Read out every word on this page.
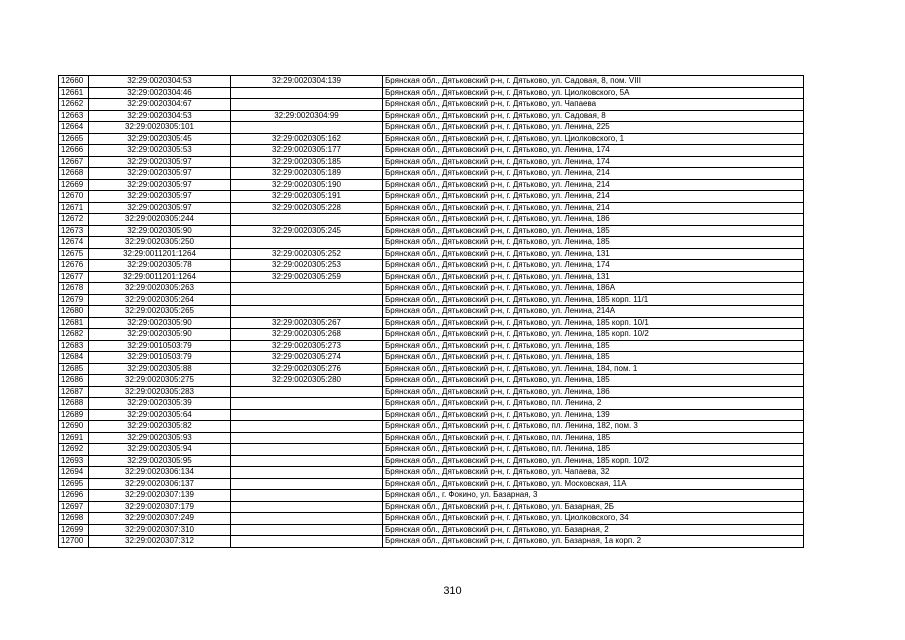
12660	32:29:0020304:53	32:29:0020304:139	Брянская обл., Дятьковский р-н, г. Дятьково, ул. Садовая, 8, пом. VIII
12661	32:29:0020304:46		Брянская обл., Дятьковский р-н, г. Дятьково, ул. Циолковского, 5А
12662	32:29:0020304:67		Брянская обл., Дятьковский р-н, г. Дятьково, ул. Чапаева
12663	32:29:0020304:53	32:29:0020304:99	Брянская обл., Дятьковский р-н, г. Дятьково, ул. Садовая, 8
12664	32:29:0020305:101		Брянская обл., Дятьковский р-н, г. Дятьково, ул. Ленина, 225
12665	32:29:0020305:45	32:29:0020305:162	Брянская обл., Дятьковский р-н, г. Дятьково, ул. Циолковского, 1
12666	32:29:0020305:53	32:29:0020305:177	Брянская обл., Дятьковский р-н, г. Дятьково, ул. Ленина, 174
12667	32:29:0020305:97	32:29:0020305:185	Брянская обл., Дятьковский р-н, г. Дятьково, ул. Ленина, 174
12668	32:29:0020305:97	32:29:0020305:189	Брянская обл., Дятьковский р-н, г. Дятьково, ул. Ленина, 214
12669	32:29:0020305:97	32:29:0020305:190	Брянская обл., Дятьковский р-н, г. Дятьково, ул. Ленина, 214
12670	32:29:0020305:97	32:29:0020305:191	Брянская обл., Дятьковский р-н, г. Дятьково, ул. Ленина, 214
12671	32:29:0020305:97	32:29:0020305:228	Брянская обл., Дятьковский р-н, г. Дятьково, ул. Ленина, 214
12672	32:29:0020305:244		Брянская обл., Дятьковский р-н, г. Дятьково, ул. Ленина, 186
12673	32:29:0020305:90	32:29:0020305:245	Брянская обл., Дятьковский р-н, г. Дятьково, ул. Ленина, 185
12674	32:29:0020305:250		Брянская обл., Дятьковский р-н, г. Дятьково, ул. Ленина, 185
12675	32:29:0011201:1264	32:29:0020305:252	Брянская обл., Дятьковский р-н, г. Дятьково, ул. Ленина, 131
12676	32:29:0020305:78	32:29:0020305:253	Брянская обл., Дятьковский р-н, г. Дятьково, ул. Ленина, 174
12677	32:29:0011201:1264	32:29:0020305:259	Брянская обл., Дятьковский р-н, г. Дятьково, ул. Ленина, 131
12678	32:29:0020305:263		Брянская обл., Дятьковский р-н, г. Дятьково, ул. Ленина, 186А
12679	32:29:0020305:264		Брянская обл., Дятьковский р-н, г. Дятьково, ул. Ленина, 185 корп. 11/1
12680	32:29:0020305:265		Брянская обл., Дятьковский р-н, г. Дятьково, ул. Ленина, 214А
12681	32:29:0020305:90	32:29:0020305:267	Брянская обл., Дятьковский р-н, г. Дятьково, ул. Ленина, 185 корп. 10/1
12682	32:29:0020305:90	32:29:0020305:268	Брянская обл., Дятьковский р-н, г. Дятьково, ул. Ленина, 185 корп. 10/2
12683	32:29:0010503:79	32:29:0020305:273	Брянская обл., Дятьковский р-н, г. Дятьково, ул. Ленина, 185
12684	32:29:0010503:79	32:29:0020305:274	Брянская обл., Дятьковский р-н, г. Дятьково, ул. Ленина, 185
12685	32:29:0020305:88	32:29:0020305:276	Брянская обл., Дятьковский р-н, г. Дятьково, ул. Ленина, 184, пом. 1
12686	32:29:0020305:275	32:29:0020305:280	Брянская обл., Дятьковский р-н, г. Дятьково, ул. Ленина, 185
12687	32:29:0020305:283		Брянская обл., Дятьковский р-н, г. Дятьково, ул. Ленина, 186
12688	32:29:0020305:39		Брянская обл., Дятьковский р-н, г. Дятьково, пл. Ленина, 2
12689	32:29:0020305:64		Брянская обл., Дятьковский р-н, г. Дятьково, ул. Ленина, 139
12690	32:29:0020305:82		Брянская обл., Дятьковский р-н, г. Дятьково, пл. Ленина, 182, пом. 3
12691	32:29:0020305:93		Брянская обл., Дятьковский р-н, г. Дятьково, пл. Ленина, 185
12692	32:29:0020305:94		Брянская обл., Дятьковский р-н, г. Дятьково, пл. Ленина, 185
12693	32:29:0020305:95		Брянская обл., Дятьковский р-н, г. Дятьково, ул. Ленина, 185 корп. 10/2
12694	32:29:0020306:134		Брянская обл., Дятьковский р-н, г. Дятьково, ул. Чапаева, 32
12695	32:29:0020306:137		Брянская обл., Дятьковский р-н, г. Дятьково, ул. Московская, 11А
12696	32:29:0020307:139		Брянская обл., г. Фокино, ул. Базарная, 3
12697	32:29:0020307:179		Брянская обл., Дятьковский р-н, г. Дятьково, ул. Базарная, 2Б
12698	32:29:0020307:249		Брянская обл., Дятьковский р-н, г. Дятьково, ул. Циолковского, 34
12699	32:29:0020307:310		Брянская обл., Дятьковский р-н, г. Дятьково, ул. Базарная, 2
12700	32:29:0020307:312		Брянская обл., Дятьковский р-н, г. Дятьково, ул. Базарная, 1а корп. 2
310
